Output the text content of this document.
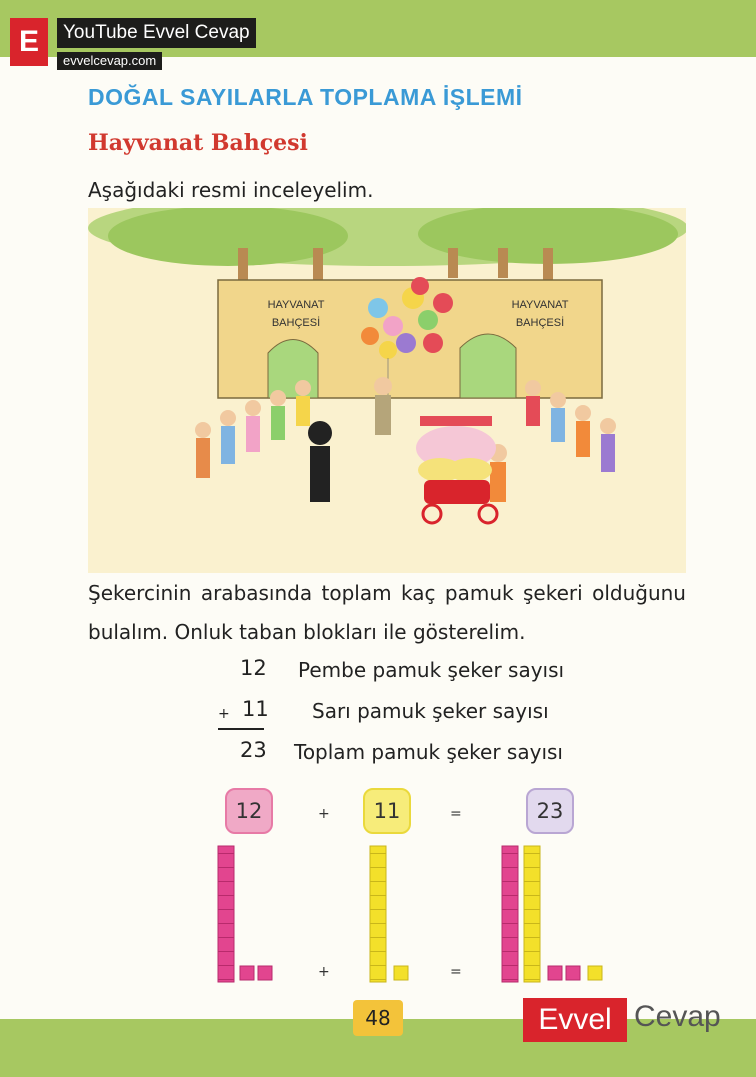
E	YouTube Evvel Cevap
evvelcevap.com
DOĞAL SAYILARLA TOPLAMA İŞLEMİ
Hayvanat Bahçesi
Aşağıdaki resmi inceleyelim.
HAYVANAT
BAHÇESİ
HAYVANAT
BAHÇESİ
Şekercinin arabasında toplam kaç pamuk şekeri olduğunu bulalım. Onluk taban blokları ile gösterelim.
12 Pembe pamuk şeker sayısı
11 Sarı pamuk şeker sayısı
+
23 Toplam pamuk şeker sayısı
12	+	11	=	23
+	=
48	Evvel Cevap
